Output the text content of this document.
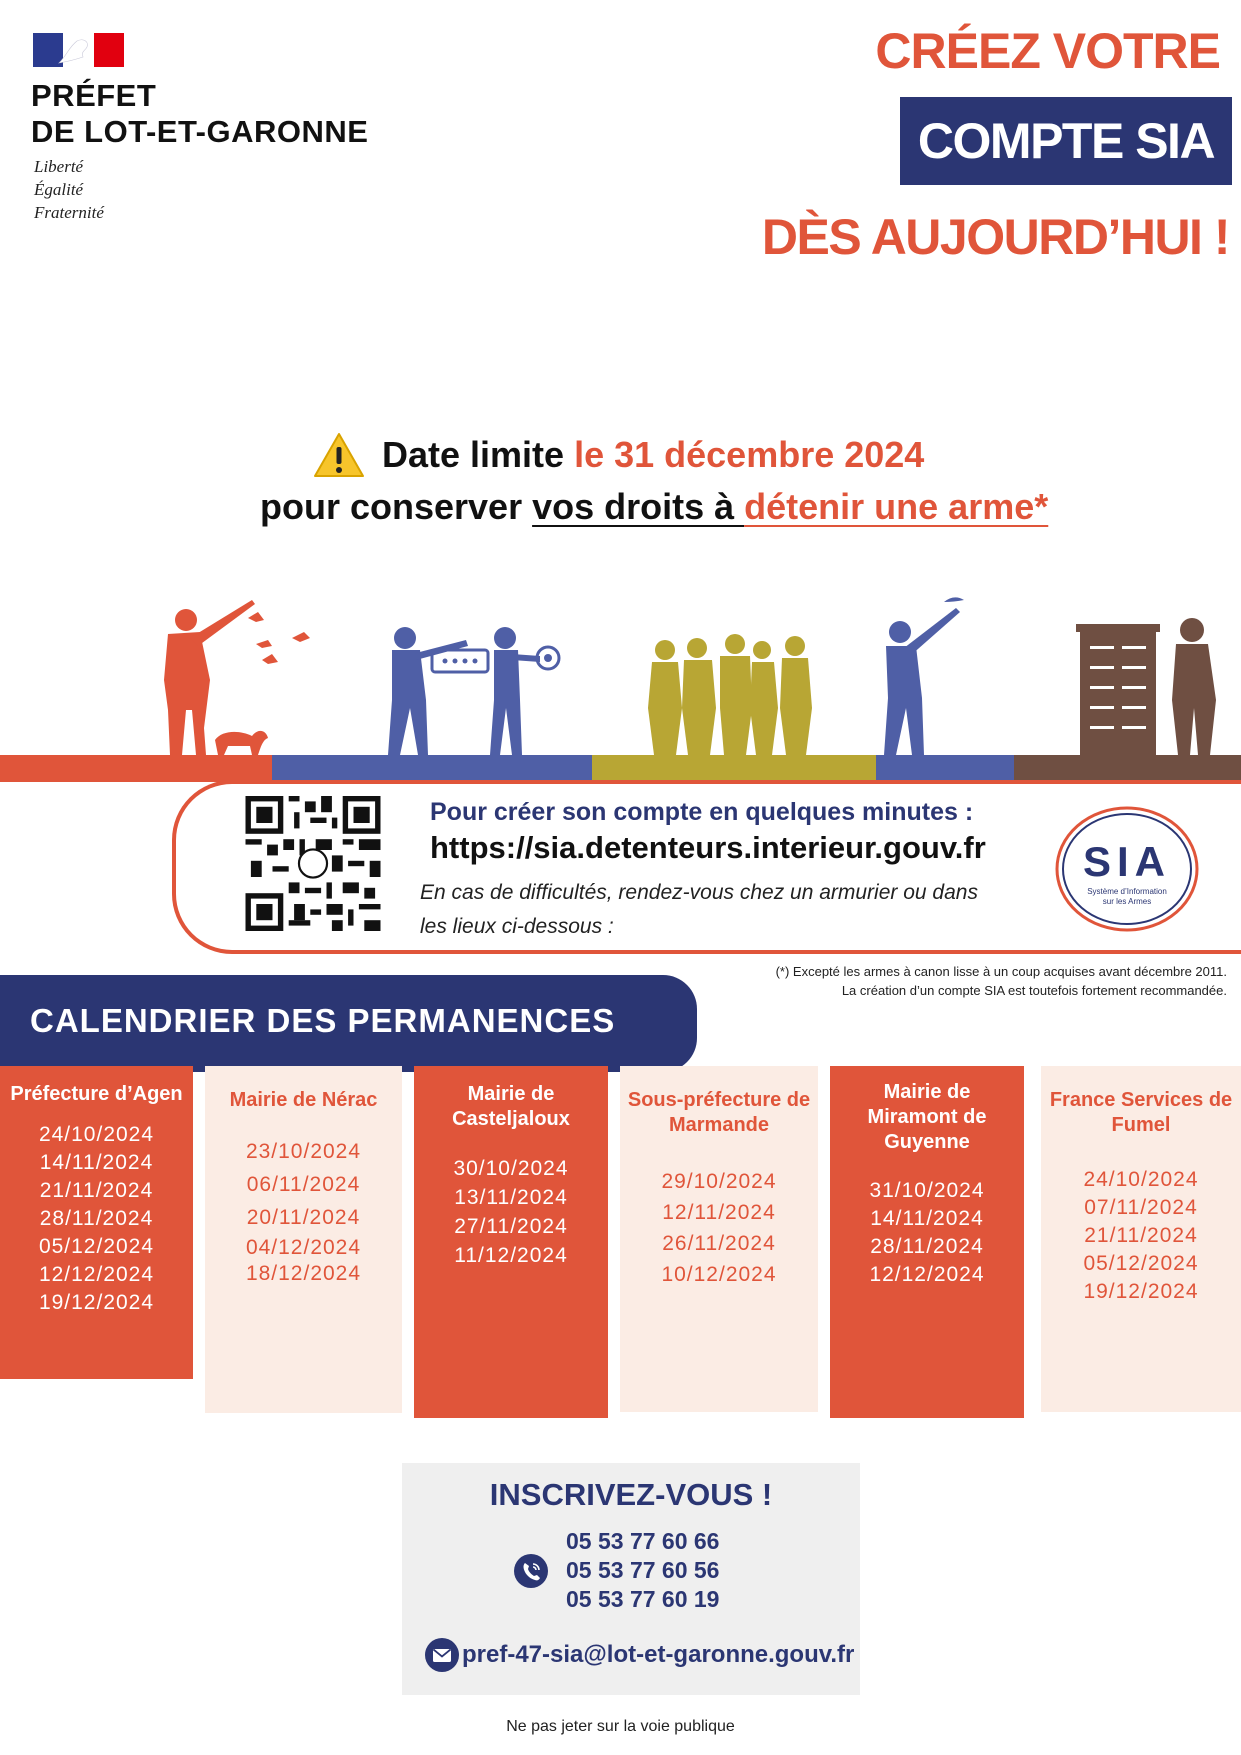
PRÉFET
DE LOT-ET-GARONNE
Liberté
Égalité
Fraternité
CRÉEZ VOTRE
COMPTE SIA
DÈS AUJOURD’HUI !
Date limite le 31 décembre 2024
pour conserver vos droits à détenir une arme*
Pour créer son compte en quelques minutes :
https://sia.detenteurs.interieur.gouv.fr
En cas de difficultés, rendez-vous chez un armurier ou dans les lieux ci-dessous :
SIA
Système d’Information
sur les Armes
(*) Excepté les armes à canon lisse à un coup acquises avant décembre 2011.
La création d’un compte SIA est toutefois fortement recommandée.
CALENDRIER DES PERMANENCES
Préfecture d’Agen
24/10/2024
14/11/2024
21/11/2024
28/11/2024
05/12/2024
12/12/2024
19/12/2024
Mairie de Nérac
23/10/2024
06/11/2024
20/11/2024
04/12/2024
18/12/2024
Mairie de Casteljaloux
30/10/2024
13/11/2024
27/11/2024
11/12/2024
Sous-préfecture de Marmande
29/10/2024
12/11/2024
26/11/2024
10/12/2024
Mairie de Miramont de Guyenne
31/10/2024
14/11/2024
28/11/2024
12/12/2024
France Services de Fumel
24/10/2024
07/11/2024
21/11/2024
05/12/2024
19/12/2024
INSCRIVEZ-VOUS !
05 53 77 60 66
05 53 77 60 56
05 53 77 60 19
pref-47-sia@lot-et-garonne.gouv.fr
Ne pas jeter sur la voie publique
